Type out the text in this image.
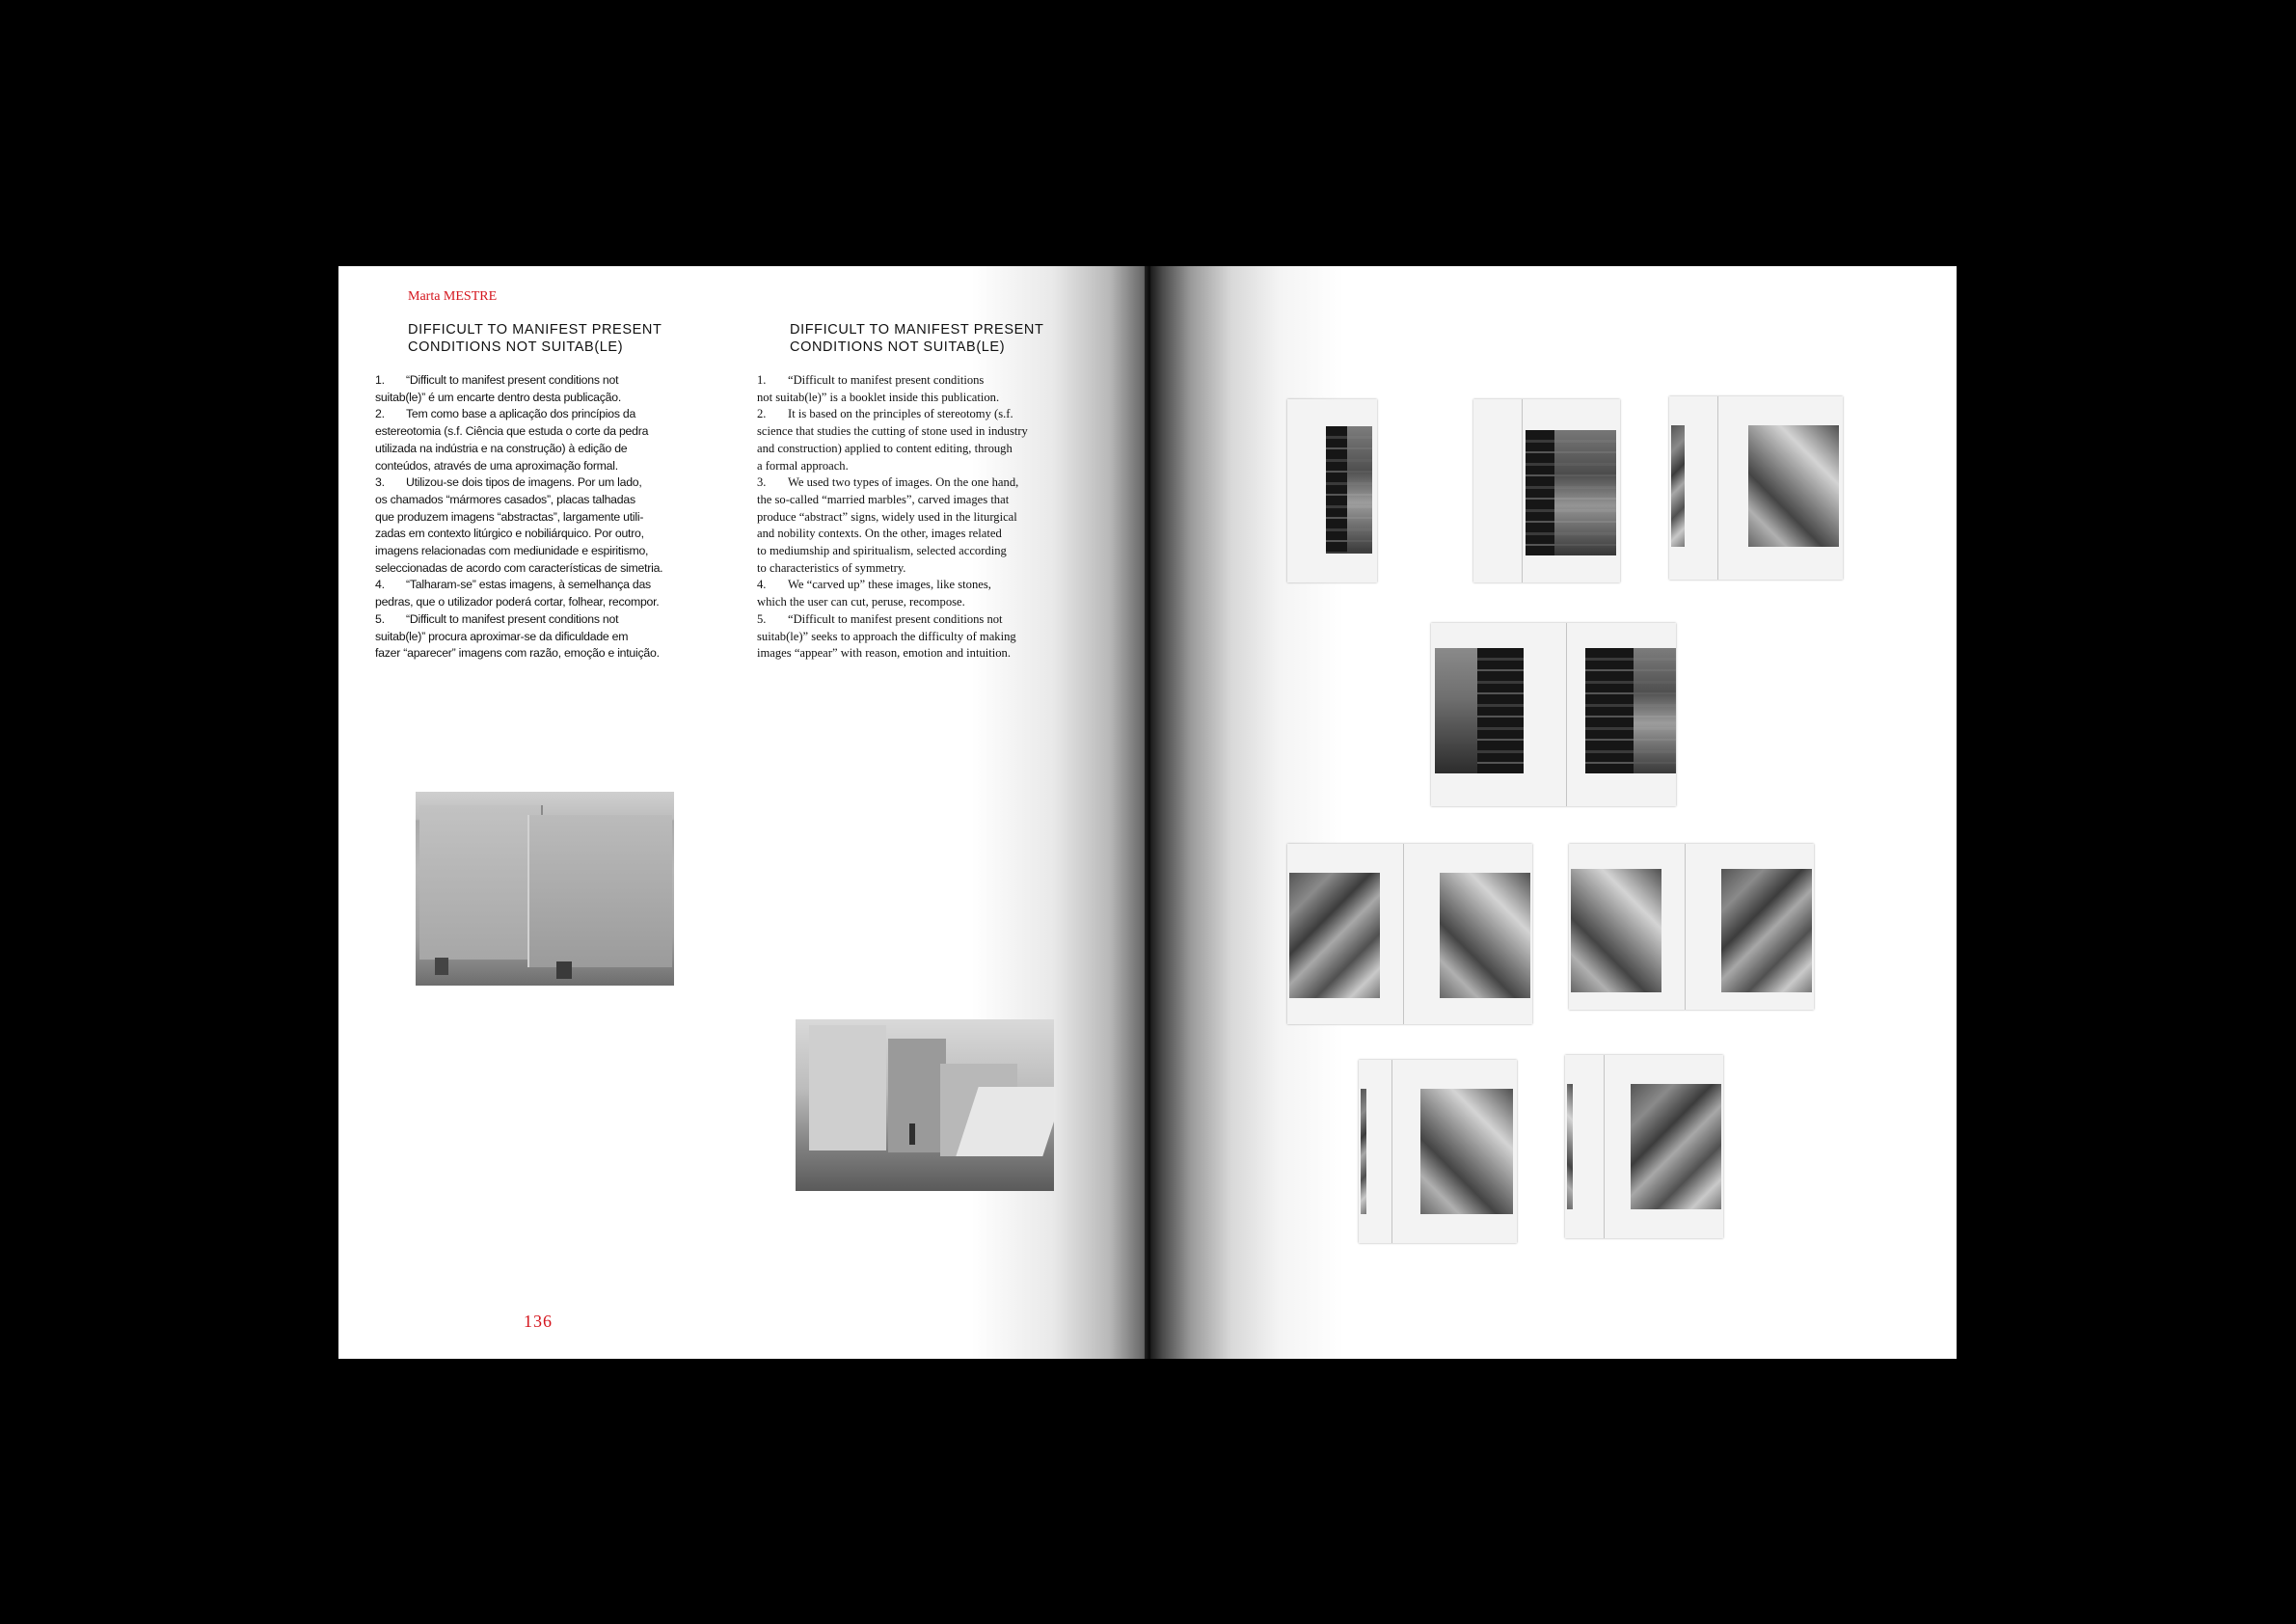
Marta MESTRE
DIFFICULT TO MANIFEST PRESENT
CONDITIONS NOT SUITAB(LE)
DIFFICULT TO MANIFEST PRESENT
CONDITIONS NOT SUITAB(LE)
1. “Difficult to manifest present conditions not
suitab(le)” é um encarte dentro desta publicação.
2. Tem como base a aplicação dos princípios da
estereotomia (s.f. Ciência que estuda o corte da pedra
utilizada na indústria e na construção) à edição de
conteúdos, através de uma aproximação formal.
3. Utilizou-se dois tipos de imagens. Por um lado,
os chamados “mármores casados”, placas talhadas
que produzem imagens “abstractas”, largamente utili-
zadas em contexto litúrgico e nobiliárquico. Por outro,
imagens relacionadas com mediunidade e espiritismo,
seleccionadas de acordo com características de simetria.
4. “Talharam-se” estas imagens, à semelhança das
pedras, que o utilizador poderá cortar, folhear, recompor.
5. “Difficult to manifest present conditions not
suitab(le)” procura aproximar-se da dificuldade em
fazer “aparecer” imagens com razão, emoção e intuição.
1. “Difficult to manifest present conditions
not suitab(le)” is a booklet inside this publication.
2. It is based on the principles of stereotomy (s.f.
science that studies the cutting of stone used in industry
and construction) applied to content editing, through
a formal approach.
3. We used two types of images. On the one hand,
the so-called “married marbles”, carved images that
produce “abstract” signs, widely used in the liturgical
and nobility contexts. On the other, images related
to mediumship and spiritualism, selected according
to characteristics of symmetry.
4. We “carved up” these images, like stones,
which the user can cut, peruse, recompose.
5. “Difficult to manifest present conditions not
suitab(le)” seeks to approach the difficulty of making
images “appear” with reason, emotion and intuition.
136
